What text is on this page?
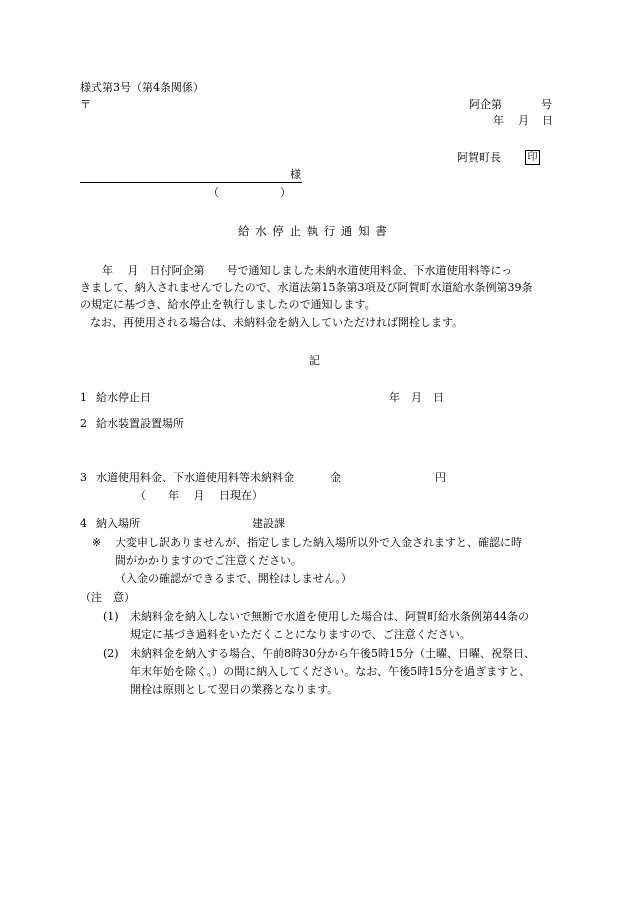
様式第3号（第4条関係）
〒	阿企第	号
年 月 日
阿賀町長	印
様
（	）
給 水 停 止 執 行 通 知 書
　　年　 月　日付阿企第　　号で通知しました未納水道使用料金、下水道使用料等にっ
きまして、納入されませんでしたので、水道法第15条第3項及び阿賀町水道給水条例第39条
の規定に基づき、給水停止を執行しましたので通知します。
なお、再使用される場合は、未納料金を納入していただければ開栓します。
記
1 給水停止日	年　月　日
2 給水装置設置場所
3 水道使用料金、下水道使用料等未納料金	金	円
（　　年　 月　 日現在）
4 納入場所	建設課
※ 大変申し訳ありませんが、指定しました納入場所以外で入金されますと、確認に時
間がかかりますのでご注意ください。
（入金の確認ができるまで、開栓はしません。）
（注　意）
(1) 未納料金を納入しないで無断で水道を使用した場合は、阿賀町給水条例第44条の
規定に基づき過料をいただくことになりますので、ご注意ください。
(2) 未納料金を納入する場合、午前8時30分から午後5時15分（土曜、日曜、祝祭日、
年末年始を除く。）の間に納入してください。なお、午後5時15分を過ぎますと、
開栓は原則として翌日の業務となります。
